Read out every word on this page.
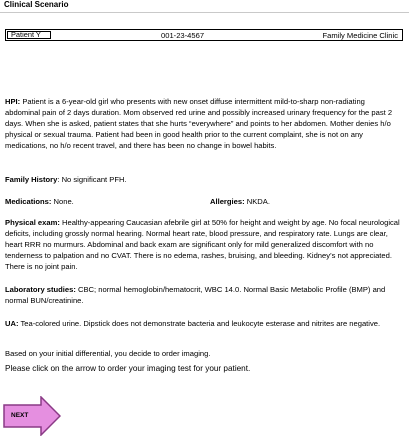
Clinical Scenario
Patient Y	001-23-4567	Family Medicine Clinic
HPI: Patient is a 6-year-old girl who presents with new onset diffuse intermittent mild-to-sharp non-radiating abdominal pain of 2 days duration. Mom observed red urine and possibly increased urinary frequency for the past 2 days. When she is asked, patient states that she hurts “everywhere” and points to her abdomen. Mother denies h/o physical or sexual trauma. Patient had been in good health prior to the current complaint, she is not on any medications, no h/o recent travel, and there has been no change in bowel habits.
Family History: No significant PFH.
Medications: None.	Allergies: NKDA.
Physical exam: Healthy-appearing Caucasian afebrile girl at 50% for height and weight by age. No focal neurological deficits, including grossly normal hearing. Normal heart rate, blood pressure, and respiratory rate. Lungs are clear, heart RRR no murmurs. Abdominal and back exam are significant only for mild generalized discomfort with no tenderness to palpation and no CVAT. There is no edema, rashes, bruising, and bleeding. Kidney’s not appreciated. There is no joint pain.
Laboratory studies: CBC; normal hemoglobin/hematocrit, WBC 14.0. Normal Basic Metabolic Profile (BMP) and normal BUN/creatinine.
UA: Tea-colored urine. Dipstick does not demonstrate bacteria and leukocyte esterase and nitrites are negative.
Based on your initial differential, you decide to order imaging.
Please click on the arrow to order your imaging test for your patient.
NEXT
